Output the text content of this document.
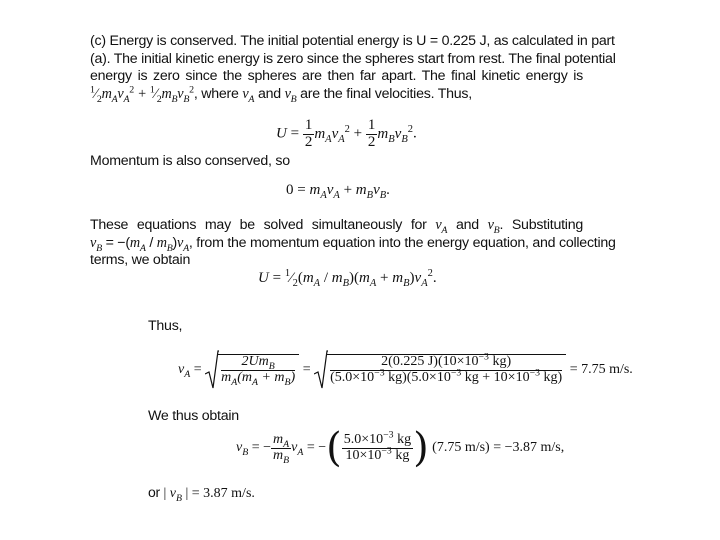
(c) Energy is conserved. The initial potential energy is U = 0.225 J, as calculated in part
(a). The initial kinetic energy is zero since the spheres start from rest. The final potential
energy is zero since the spheres are then far apart. The final kinetic energy is
$^1⁄_2m_Av_A^2$ + $^1⁄_2m_Bv_B^2$, where $v_A$ and $v_B$ are the final velocities. Thus,
$U = \frac{1}{2} m_Av_A^2 + \frac{1}{2} m_Bv_B^2$.
Momentum is also conserved, so
$0 = m_Av_A + m_Bv_B$.
These equations may be solved simultaneously for $v_A$ and $v_B$. Substituting
$v_B = -(m_A / m_B)v_A$, from the momentum equation into the energy equation, and collecting
terms, we obtain
$U = ^1⁄_2(m_A / m_B)(m_A + m_B)v_A^2$.
Thus,
$v_A = \frac{2Um_B}{m_A(m_A + m_B)} = \frac{2(0.225 J)(10\times 10^{-3} kg)}{(5.0\times 10^{-3} kg)(5.0\times 10^{-3} kg + 10\times 10^{-3} kg)} = 7.75$ m/s.
We thus obtain
$v_B$ = − $\frac{m_A}{m_B} v_A$ = −( $\frac{5.0\times 10^{-3} kg}{10\times 10^{-3} kg}$ ) (7.75 m/s) = −3.87 m/s,
or | $v_B$ | = 3.87 m/s.
